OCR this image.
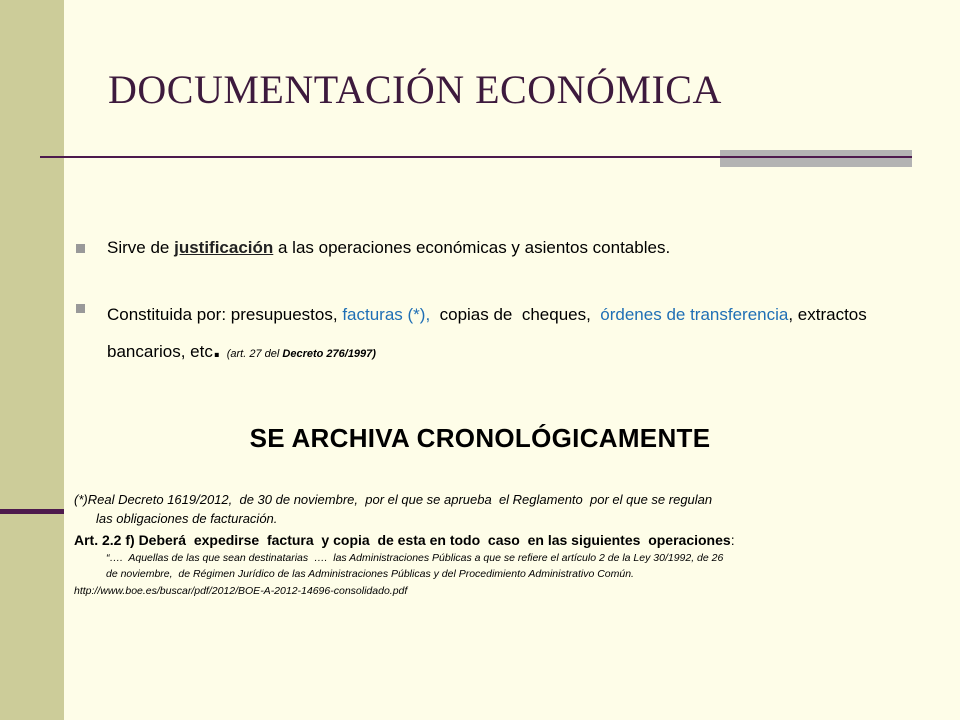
DOCUMENTACIÓN ECONÓMICA
Sirve de justificación a las operaciones económicas y asientos contables.
Constituida por: presupuestos, facturas (*),  copias de  cheques,  órdenes de transferencia, extractos bancarios, etc.  (art. 27 del Decreto 276/1997)
SE ARCHIVA CRONOLÓGICAMENTE
(*)Real Decreto 1619/2012,  de 30 de noviembre,  por el que se aprueba  el Reglamento  por el que se regulan
las obligaciones de facturación.
Art. 2.2 f) Deberá  expedirse  factura  y copia  de esta en todo  caso  en las siguientes  operaciones:
“….  Aquellas de las que sean destinatarias  ….  las Administraciones Públicas a que se refiere el artículo 2 de la Ley 30/1992, de 26
de noviembre,  de Régimen Jurídico de las Administraciones Públicas y del Procedimiento Administrativo Común.
http://www.boe.es/buscar/pdf/2012/BOE-A-2012-14696-consolidado.pdf
